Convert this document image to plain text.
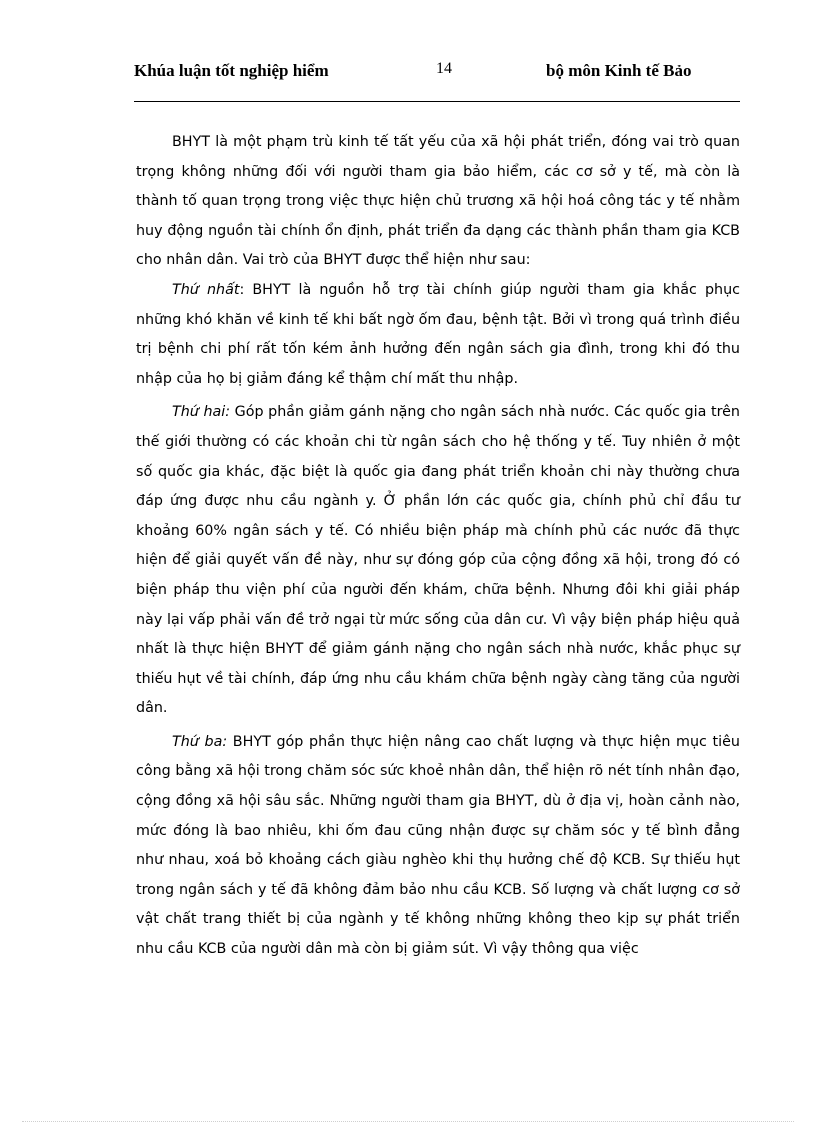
Khúa luận tốt nghiệp hiểm	14	bộ môn Kinh tế Bảo

BHYT là một phạm trù kinh tế tất yếu của xã hội phát triển, đóng vai trò quan trọng không những đối với người tham gia bảo hiểm, các cơ sở y tế, mà còn là thành tố quan trọng trong việc thực hiện chủ trương xã hội hoá công tác y tế nhằm huy động nguồn tài chính ổn định, phát triển đa dạng các thành phần tham gia KCB cho nhân dân. Vai trò của BHYT được thể hiện như sau:

Thứ nhất: BHYT là nguồn hỗ trợ tài chính giúp người tham gia khắc phục những khó khăn về kinh tế khi bất ngờ ốm đau, bệnh tật. Bởi vì trong quá trình điều trị bệnh chi phí rất tốn kém ảnh hưởng đến ngân sách gia đình, trong khi đó thu nhập của họ bị giảm đáng kể thậm chí mất thu nhập.

Thứ hai: Góp phần giảm gánh nặng cho ngân sách nhà nước. Các quốc gia trên thế giới thường có các khoản chi từ ngân sách cho hệ thống y tế. Tuy nhiên ở một số quốc gia khác, đặc biệt là quốc gia đang phát triển khoản chi này thường chưa đáp ứng được nhu cầu ngành y. Ở phần lớn các quốc gia, chính phủ chỉ đầu tư khoảng 60% ngân sách y tế. Có nhiều biện pháp mà chính phủ các nước đã thực hiện để giải quyết vấn đề này, như sự đóng góp của cộng đồng xã hội, trong đó có biện pháp thu viện phí của người đến khám, chữa bệnh. Nhưng đôi khi giải pháp này lại vấp phải vấn đề trở ngại từ mức sống của dân cư. Vì vậy biện pháp hiệu quả nhất là thực hiện BHYT để giảm gánh nặng cho ngân sách nhà nước, khắc phục sự thiếu hụt về tài chính, đáp ứng nhu cầu khám chữa bệnh ngày càng tăng của người dân.

Thứ ba: BHYT góp phần thực hiện nâng cao chất lượng và thực hiện mục tiêu công bằng xã hội trong chăm sóc sức khoẻ nhân dân, thể hiện rõ nét tính nhân đạo, cộng đồng xã hội sâu sắc. Những người tham gia BHYT, dù ở địa vị, hoàn cảnh nào, mức đóng là bao nhiêu, khi ốm đau cũng nhận được sự chăm sóc y tế bình đẳng như nhau, xoá bỏ khoảng cách giàu nghèo khi thụ hưởng chế độ KCB. Sự thiếu hụt trong ngân sách y tế đã không đảm bảo nhu cầu KCB. Số lượng và chất lượng cơ sở vật chất trang thiết bị của ngành y tế không những không theo kịp sự phát triển nhu cầu KCB của người dân mà còn bị giảm sút. Vì vậy thông qua việc
